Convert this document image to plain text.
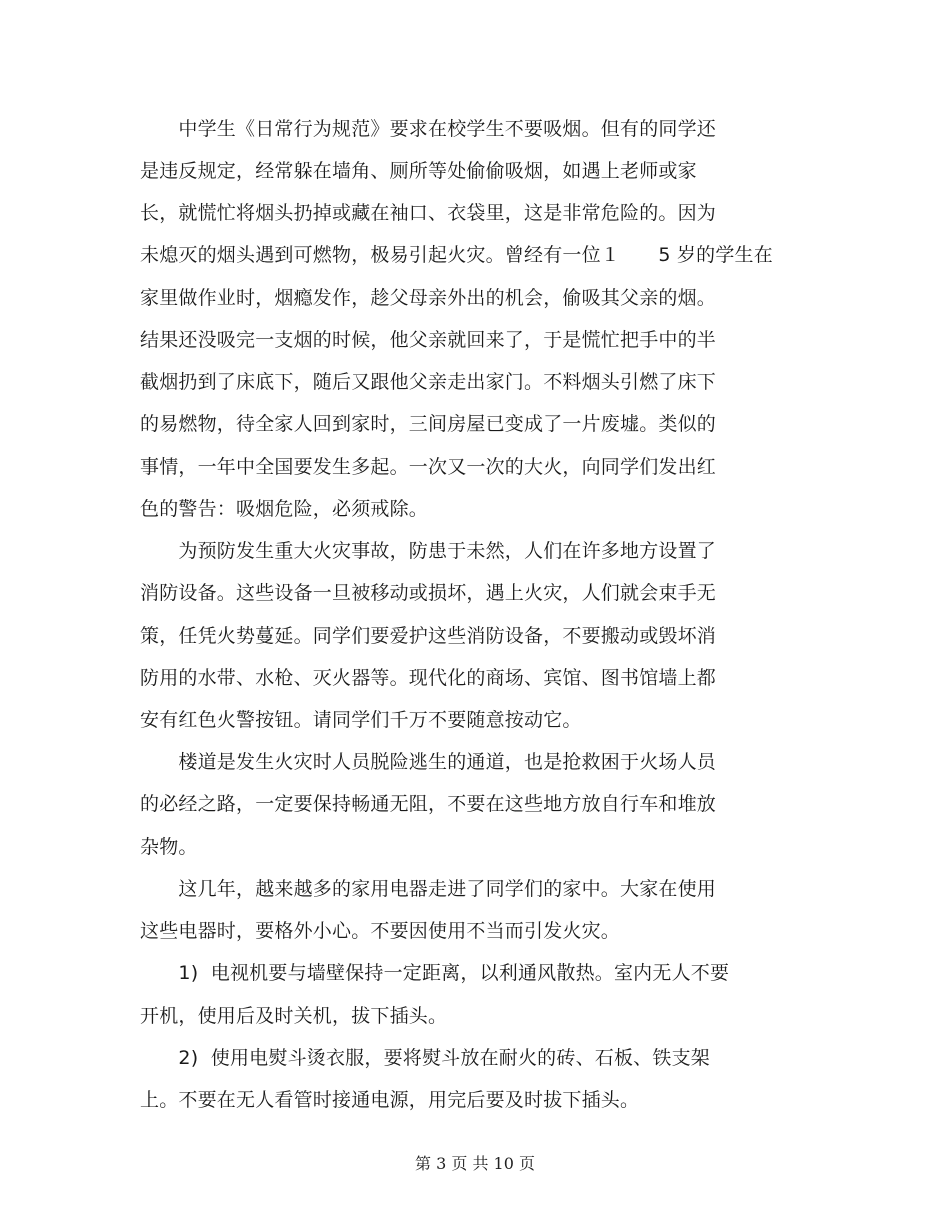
　　中学生《日常行为规范》要求在校学生不要吸烟。但有的同学还
是违反规定，经常躲在墙角、厕所等处偷偷吸烟，如遇上老师或家
长，就慌忙将烟头扔掉或藏在袖口、衣袋里，这是非常危险的。因为
未熄灭的烟头遇到可燃物，极易引起火灾。曾经有一位１　　5 岁的学生在
家里做作业时，烟瘾发作，趁父母亲外出的机会，偷吸其父亲的烟。
结果还没吸完一支烟的时候，他父亲就回来了，于是慌忙把手中的半
截烟扔到了床底下，随后又跟他父亲走出家门。不料烟头引燃了床下
的易燃物，待全家人回到家时，三间房屋已变成了一片废墟。类似的
事情，一年中全国要发生多起。一次又一次的大火，向同学们发出红
色的警告：吸烟危险，必须戒除。
　　为预防发生重大火灾事故，防患于未然，人们在许多地方设置了
消防设备。这些设备一旦被移动或损坏，遇上火灾，人们就会束手无
策，任凭火势蔓延。同学们要爱护这些消防设备，不要搬动或毁坏消
防用的水带、水枪、灭火器等。现代化的商场、宾馆、图书馆墙上都
安有红色火警按钮。请同学们千万不要随意按动它。
　　楼道是发生火灾时人员脱险逃生的通道，也是抢救困于火场人员
的必经之路，一定要保持畅通无阻，不要在这些地方放自行车和堆放
杂物。
　　这几年，越来越多的家用电器走进了同学们的家中。大家在使用
这些电器时，要格外小心。不要因使用不当而引发火灾。
　　1)  电视机要与墙壁保持一定距离，以利通风散热。室内无人不要
开机，使用后及时关机，拔下插头。
　　2)  使用电熨斗烫衣服，要将熨斗放在耐火的砖、石板、铁支架
上。不要在无人看管时接通电源，用完后要及时拔下插头。
第 3 页 共 10 页
